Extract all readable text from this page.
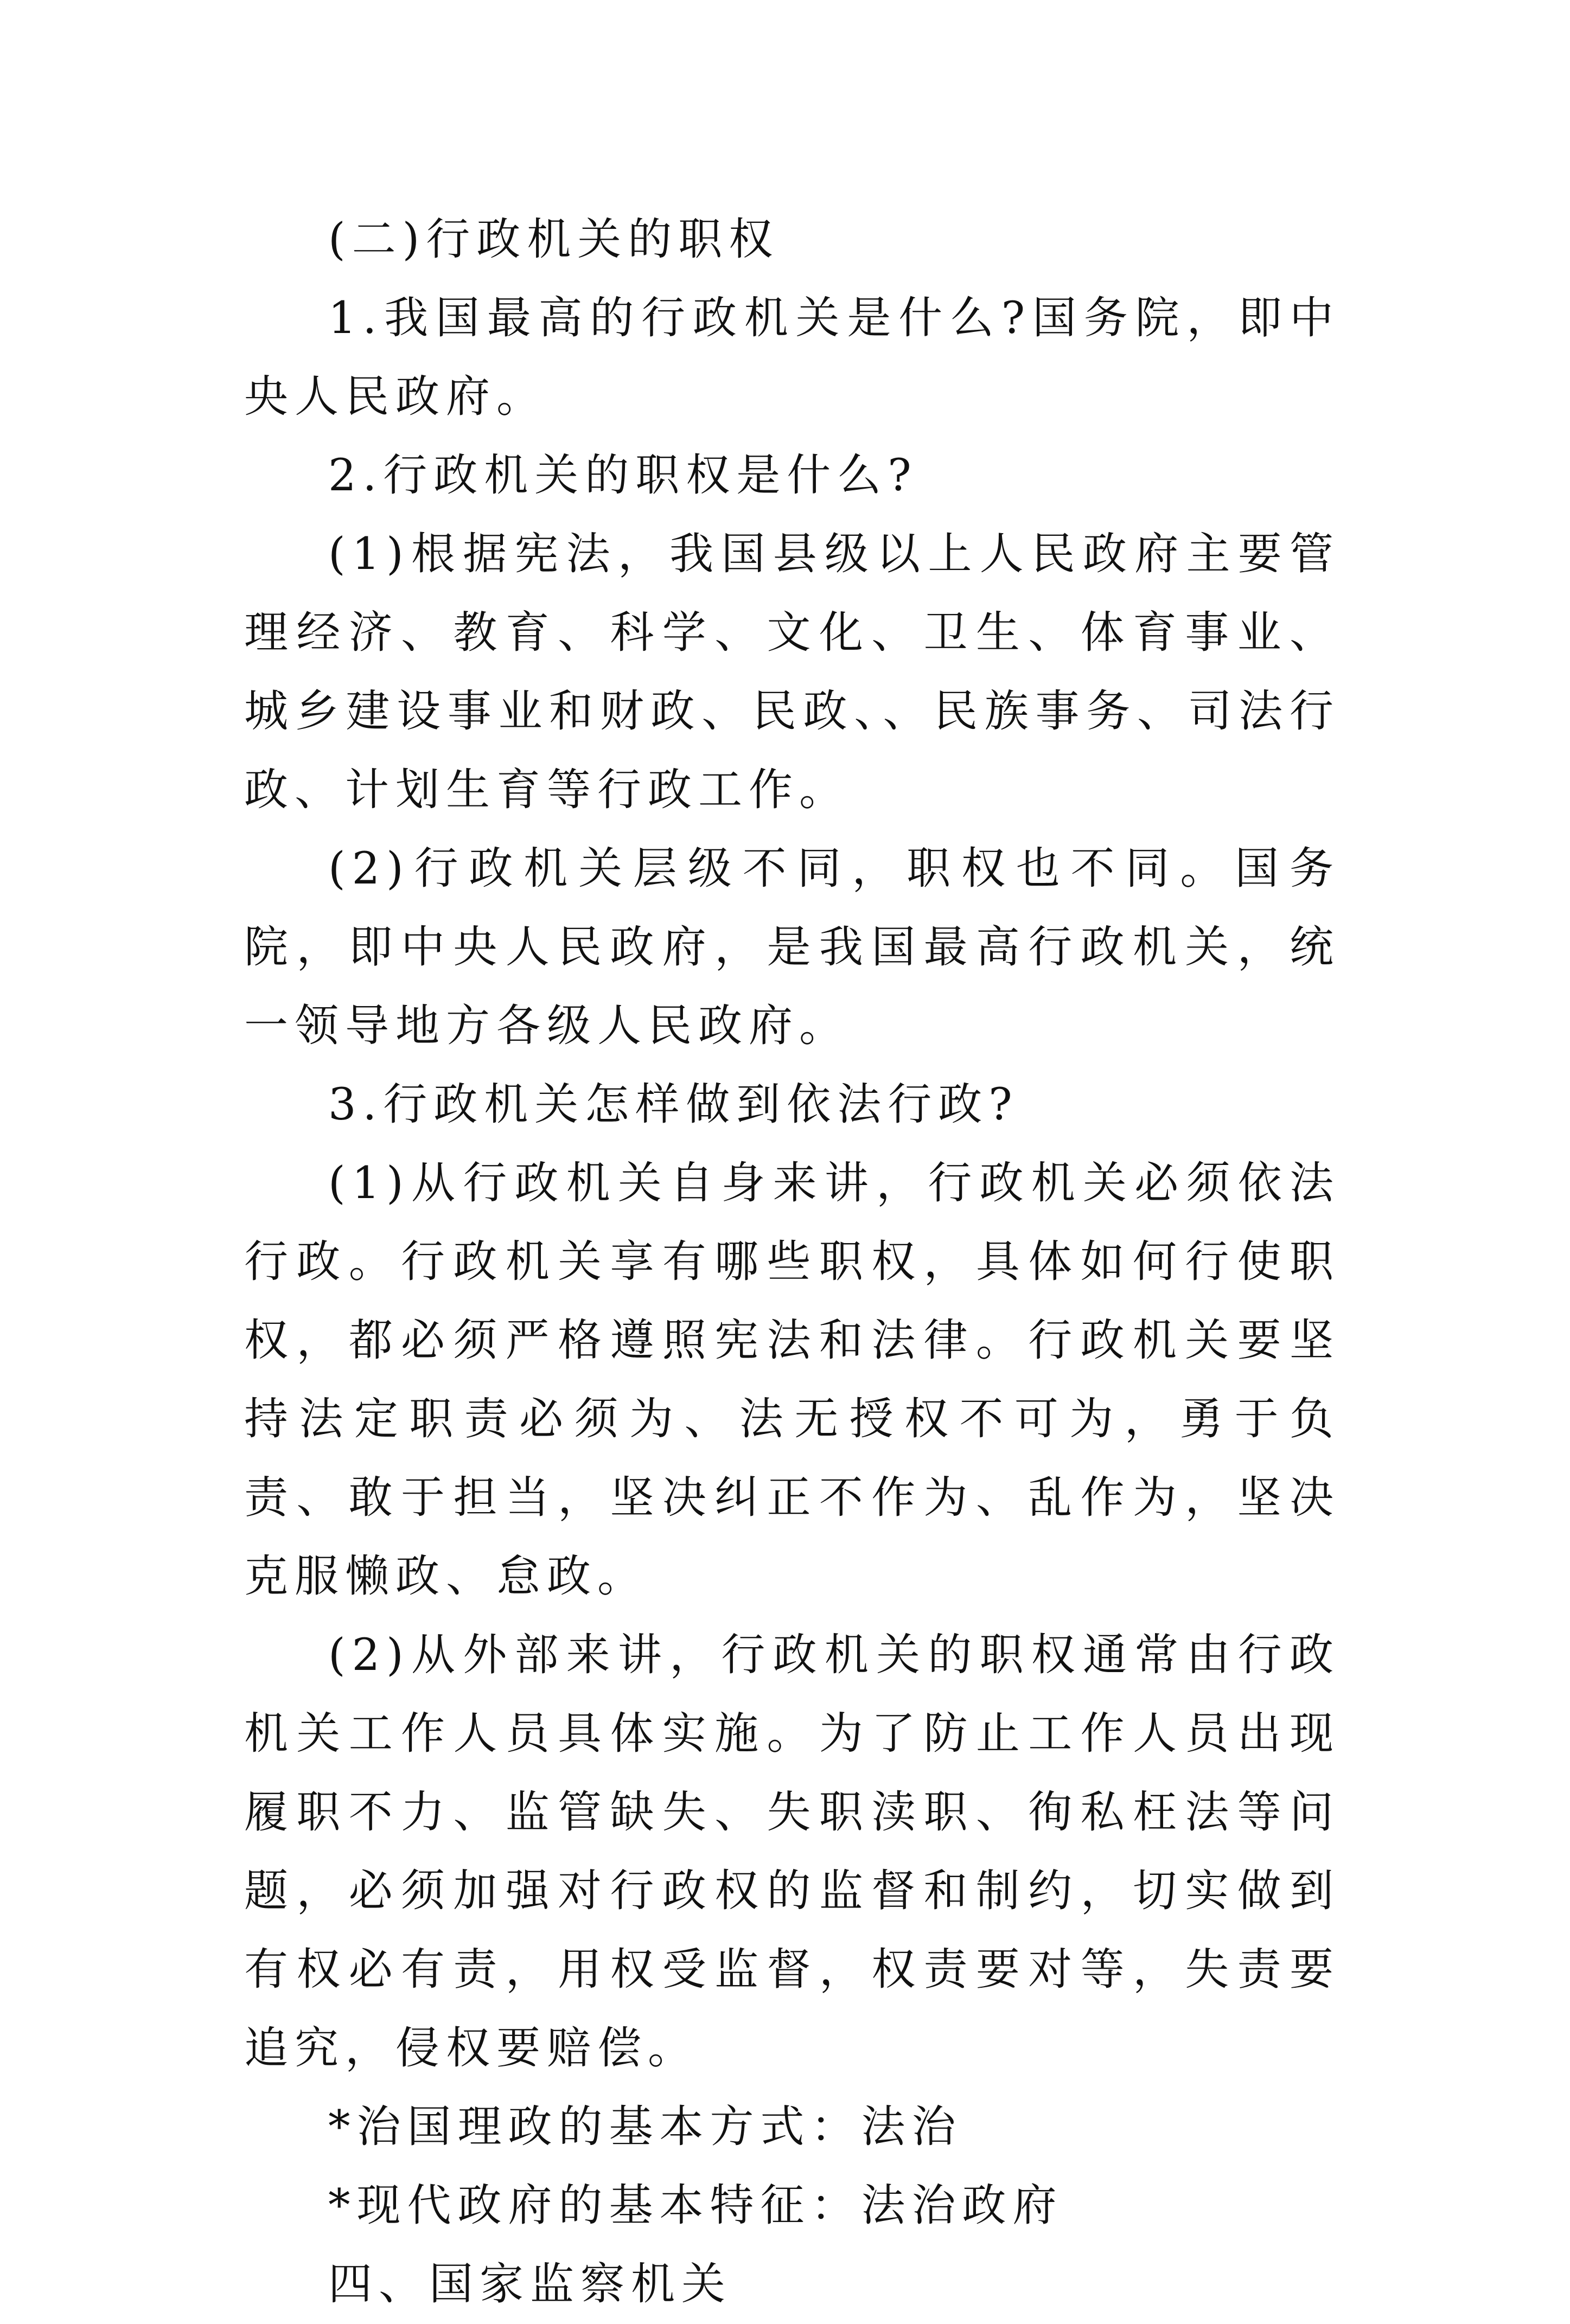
(二)行政机关的职权

1.我国最高的行政机关是什么?国务院，即中央人民政府。

2.行政机关的职权是什么?

(1)根据宪法，我国县级以上人民政府主要管理经济、教育、科学、文化、卫生、体育事业、城乡建设事业和财政、民政、、民族事务、司法行政、计划生育等行政工作。

(2)行政机关层级不同，职权也不同。国务院，即中央人民政府，是我国最高行政机关，统一领导地方各级人民政府。

3.行政机关怎样做到依法行政?

(1)从行政机关自身来讲，行政机关必须依法行政。行政机关享有哪些职权，具体如何行使职权，都必须严格遵照宪法和法律。行政机关要坚持法定职责必须为、法无授权不可为，勇于负责、敢于担当，坚决纠正不作为、乱作为，坚决克服懒政、怠政。

(2)从外部来讲，行政机关的职权通常由行政机关工作人员具体实施。为了防止工作人员出现履职不力、监管缺失、失职渎职、徇私枉法等问题，必须加强对行政权的监督和制约，切实做到有权必有责，用权受监督，权责要对等，失责要追究，侵权要赔偿。

*治国理政的基本方式：法治

*现代政府的基本特征：法治政府

四、国家监察机关
